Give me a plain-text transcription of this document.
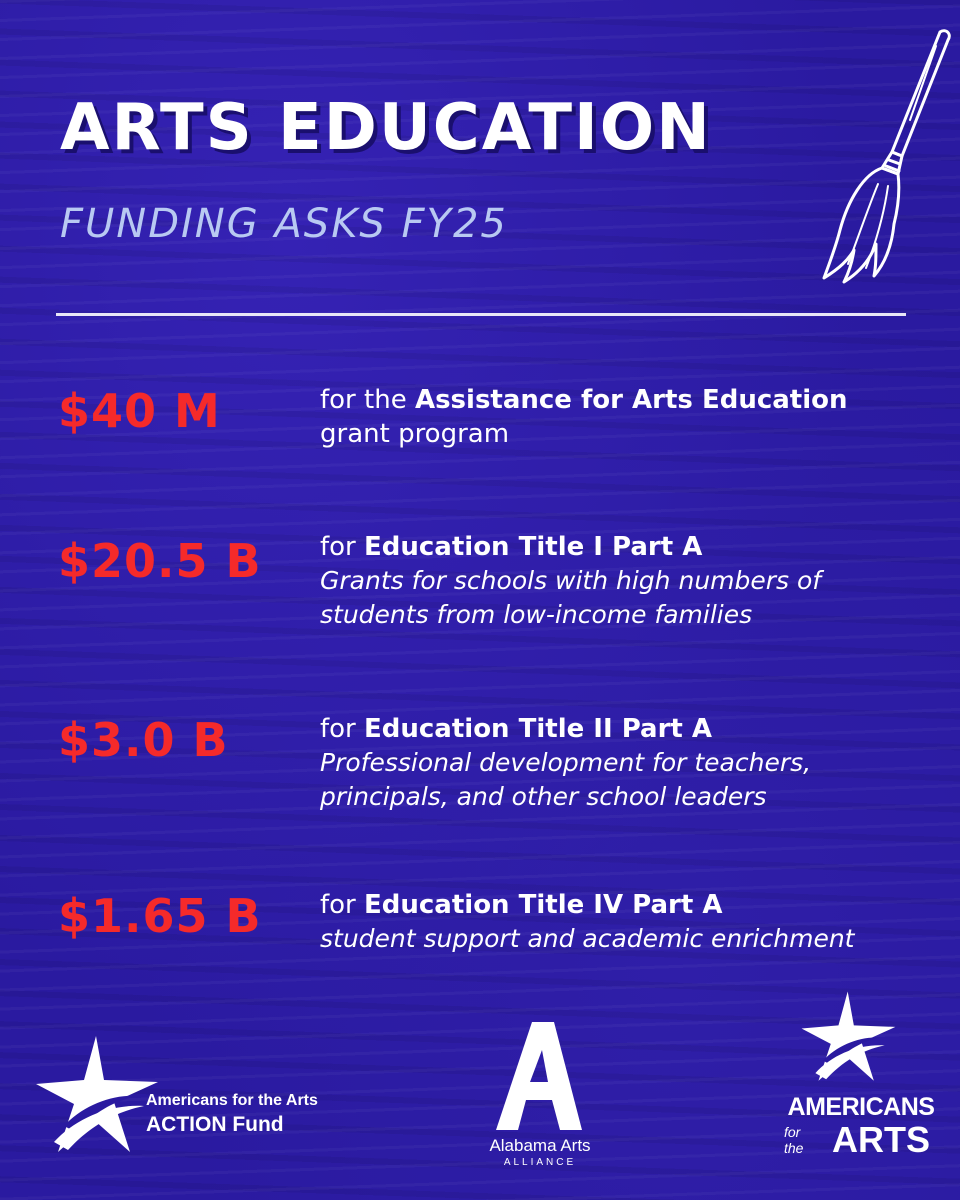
ARTS EDUCATION
FUNDING ASKS FY25
$40 M	for the Assistance for Arts Education
grant program
$20.5 B for Education Title I Part A
Grants for schools with high numbers of
students from low-income families
$3.0 B	for Education Title II Part A
Professional development for teachers,
principals, and other school leaders
$1.65 B for Education Title IV Part A
student support and academic enrichment
Americans for the Arts
ACTION Fund
Alabama Arts
ALLIANCE
AMERICANS
for the ARTS
